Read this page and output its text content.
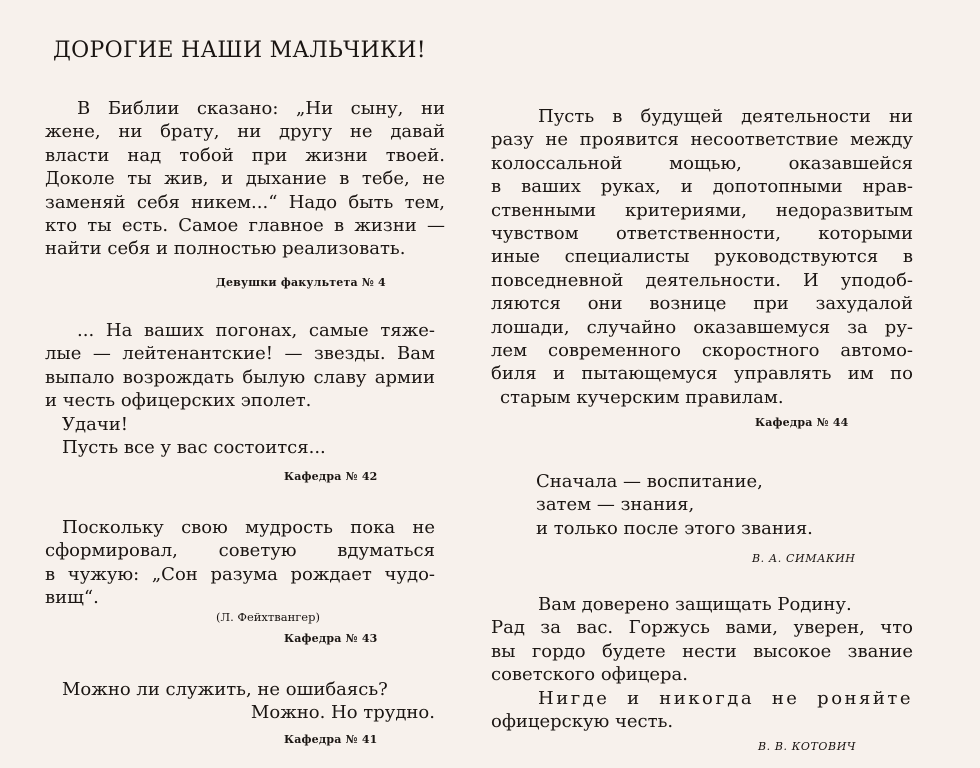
ДОРОГИЕ НАШИ МАЛЬЧИКИ!
В Библии сказано: „Ни сыну, ни
жене, ни брату, ни другу не давай
власти над тобой при жизни твоей.
Доколе ты жив, и дыхание в тебе, не
заменяй себя никем...“ Надо быть тем,
кто ты есть. Самое главное в жизни —
найти себя и полностью реализовать.
Девушки факультета № 4
... На ваших погонах, самые тяже-
лые — лейтенантские! — звезды. Вам
выпало возрождать былую славу армии
и честь офицерских эполет.
Удачи!
Пусть все у вас состоится...
Кафедра № 42
Поскольку свою мудрость пока не
сформировал, советую вдуматься
в чужую: „Сон разума рождает чудо-
вищ“.
(Л. Фейхтвангер)
Кафедра № 43
Можно ли служить, не ошибаясь?
Можно. Но трудно.
Кафедра № 41
Пусть в будущей деятельности ни
разу не проявится несоответствие между
колоссальной мощью, оказавшейся
в ваших руках, и допотопными нрав-
ственными критериями, недоразвитым
чувством ответственности, которыми
иные специалисты руководствуются в
повседневной деятельности. И уподоб-
ляются они вознице при захудалой
лошади, случайно оказавшемуся за ру-
лем современного скоростного автомо-
биля и пытающемуся управлять им по
старым кучерским правилам.
Кафедра № 44
Сначала — воспитание,
затем — знания,
и только после этого звания.
В. А. СИМАКИН
Вам доверено защищать Родину.
Рад за вас. Горжусь вами, уверен, что
вы гордо будете нести высокое звание
советского офицера.
Нигде и никогда не роняйте
офицерскую честь.
В. В. КОТОВИЧ
